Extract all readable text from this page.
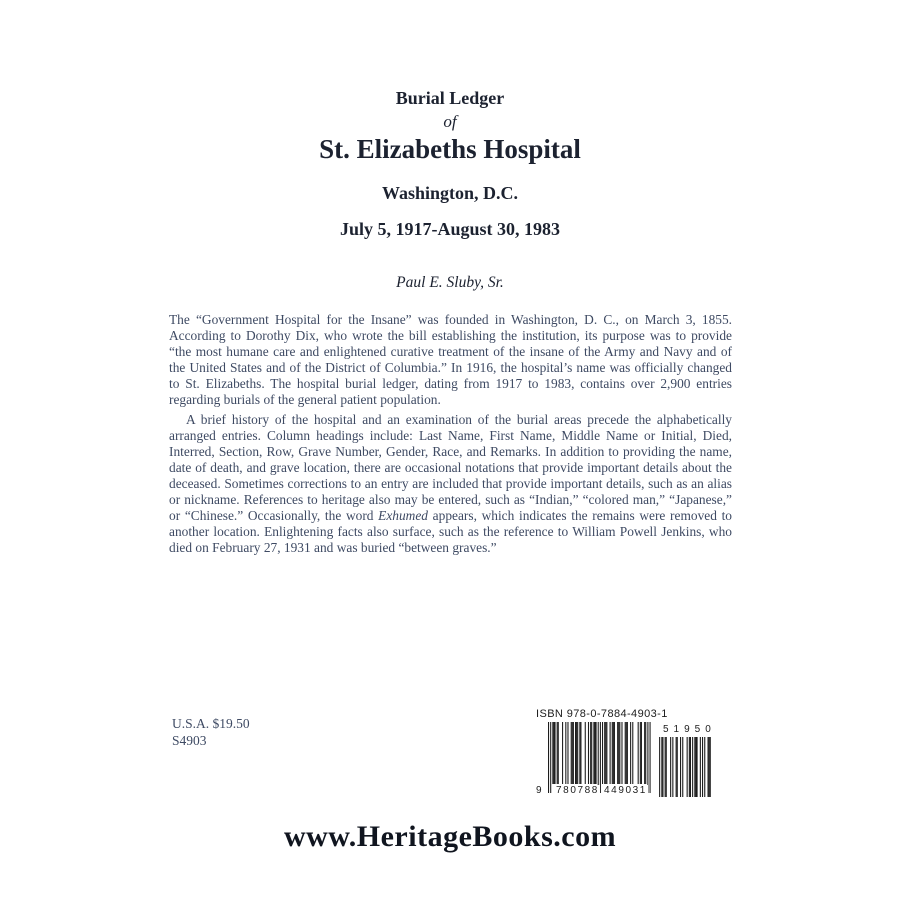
Burial Ledger
of
St. Elizabeths Hospital
Washington, D.C.
July 5, 1917-August 30, 1983
Paul E. Sluby, Sr.

The “Government Hospital for the Insane” was founded in Washington, D. C., on March 3, 1855. According to Dorothy Dix, who wrote the bill establishing the institution, its purpose was to provide “the most humane care and enlightened curative treatment of the insane of the Army and Navy and of the United States and of the District of Columbia.” In 1916, the hospital’s name was officially changed to St. Elizabeths. The hospital burial ledger, dating from 1917 to 1983, contains over 2,900 entries regarding burials of the general patient population.

A brief history of the hospital and an examination of the burial areas precede the alphabetically arranged entries. Column headings include: Last Name, First Name, Middle Name or Initial, Died, Interred, Section, Row, Grave Number, Gender, Race, and Remarks. In addition to providing the name, date of death, and grave location, there are occasional notations that provide important details about the deceased. Sometimes corrections to an entry are included that provide important details, such as an alias or nickname. References to heritage also may be entered, such as “Indian,” “colored man,” “Japanese,” or “Chinese.” Occasionally, the word Exhumed appears, which indicates the remains were removed to another location. Enlightening facts also surface, such as the reference to William Powell Jenkins, who died on February 27, 1931 and was buried “between graves.”

U.S.A. $19.50
S4903
ISBN 978-0-7884-4903-1
9 780788 449031
51950
www.HeritageBooks.com
